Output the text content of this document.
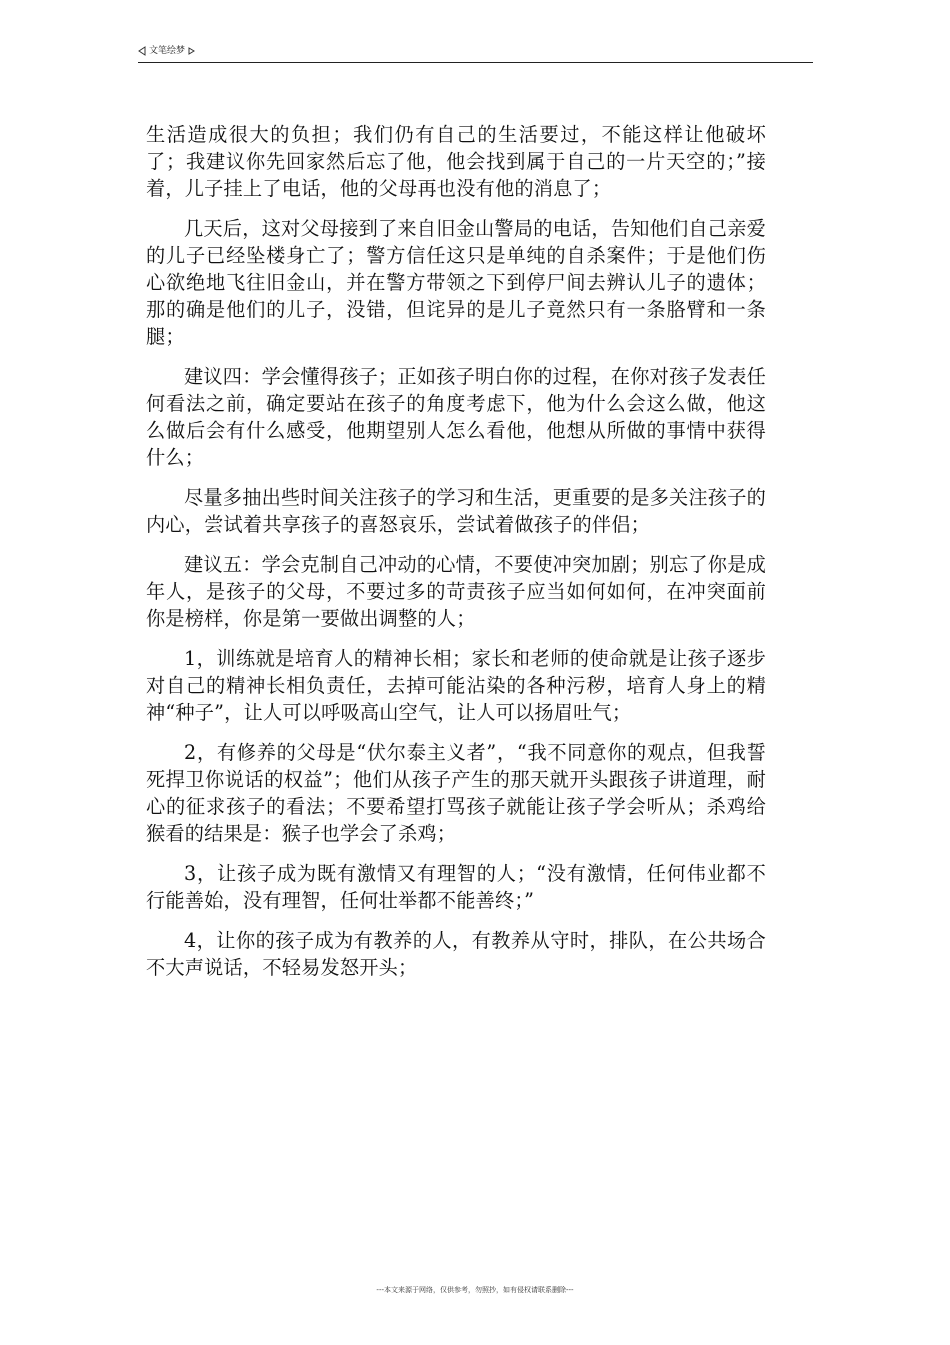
文笔绘梦

生活造成很大的负担；我们仍有自己的生活要过，不能这样让他破坏了；我建议你先回家然后忘了他，他会找到属于自己的一片天空的；”接着，儿子挂上了电话，他的父母再也没有他的消息了；

几天后，这对父母接到了来自旧金山警局的电话，告知他们自己亲爱的儿子已经坠楼身亡了；警方信任这只是单纯的自杀案件；于是他们伤心欲绝地飞往旧金山，并在警方带领之下到停尸间去辨认儿子的遗体；那的确是他们的儿子，没错，但诧异的是儿子竟然只有一条胳臂和一条腿；

建议四：学会懂得孩子；正如孩子明白你的过程，在你对孩子发表任何看法之前，确定要站在孩子的角度考虑下，他为什么会这么做，他这么做后会有什么感受，他期望别人怎么看他，他想从所做的事情中获得什么；

尽量多抽出些时间关注孩子的学习和生活，更重要的是多关注孩子的内心，尝试着共享孩子的喜怒哀乐，尝试着做孩子的伴侣；

建议五：学会克制自己冲动的心情，不要使冲突加剧；别忘了你是成年人，是孩子的父母，不要过多的苛责孩子应当如何如何，在冲突面前你是榜样，你是第一要做出调整的人；

1，训练就是培育人的精神长相；家长和老师的使命就是让孩子逐步对自己的精神长相负责任，去掉可能沾染的各种污秽，培育人身上的精神“种子”，让人可以呼吸高山空气，让人可以扬眉吐气；

2，有修养的父母是“伏尔泰主义者”，“我不同意你的观点，但我誓死捍卫你说话的权益”；他们从孩子产生的那天就开头跟孩子讲道理，耐心的征求孩子的看法；不要希望打骂孩子就能让孩子学会听从；杀鸡给猴看的结果是：猴子也学会了杀鸡；

3，让孩子成为既有激情又有理智的人；“没有激情，任何伟业都不行能善始，没有理智，任何壮举都不能善终；”

4，让你的孩子成为有教养的人，有教养从守时，排队，在公共场合不大声说话，不轻易发怒开头；

---本文来源于网络，仅供参考，勿照抄，如有侵权请联系删除---
